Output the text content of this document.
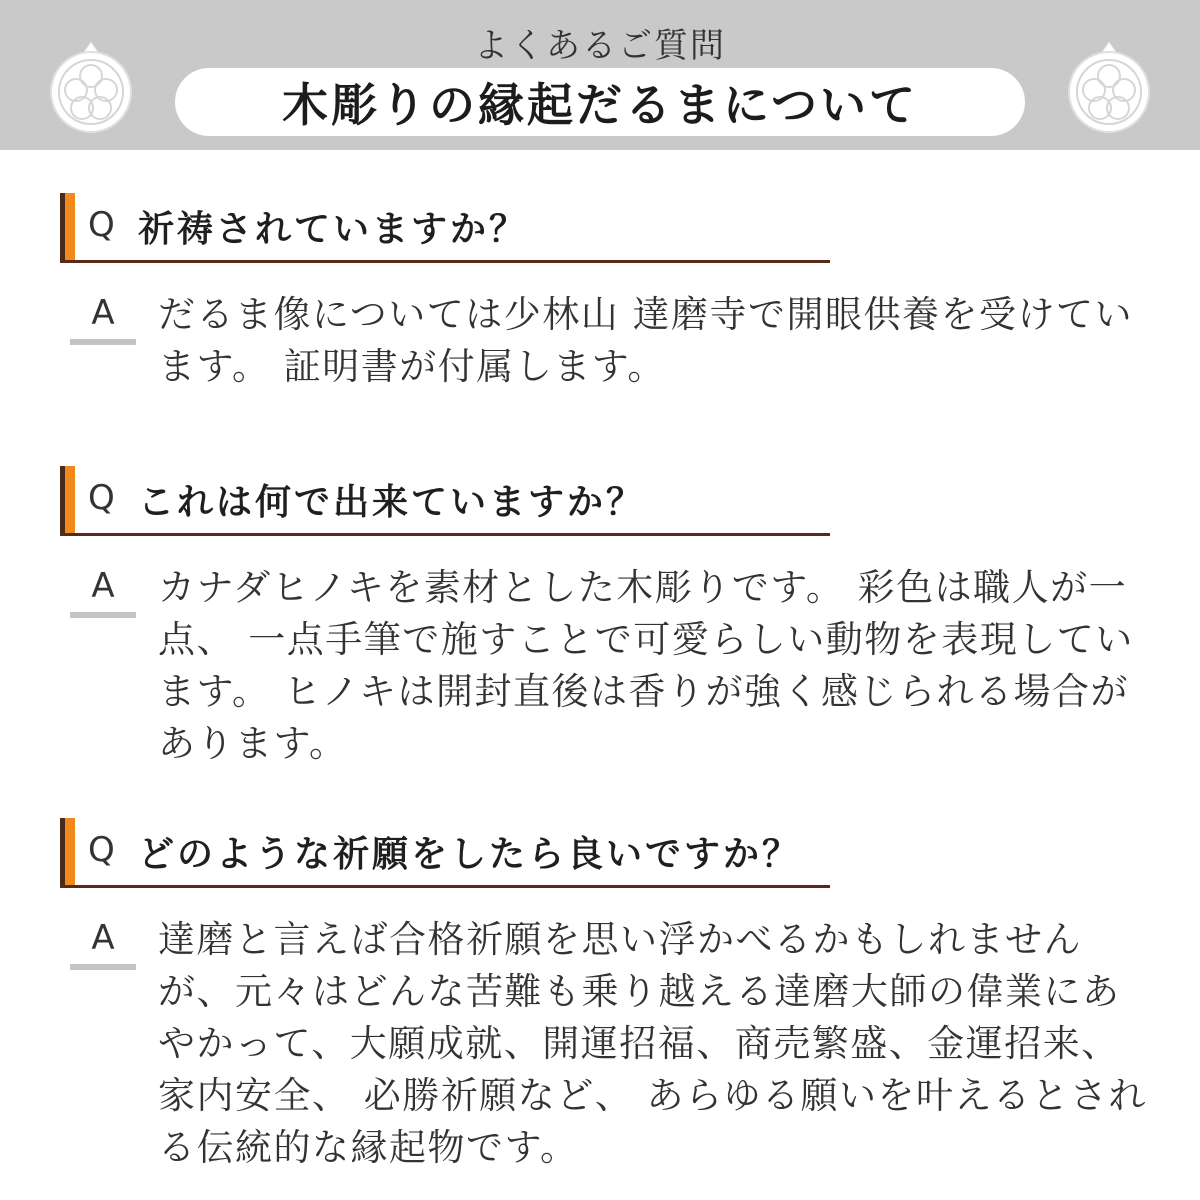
よくあるご質問
木彫りの縁起だるまについて
Q 祈祷されていますか？
A	だるま像については少林山 達磨寺で開眼供養を受けています。 証明書が付属します。
Q これは何で出来ていますか？
A	カナダヒノキを素材とした木彫りです。 彩色は職人が一点、 一点手筆で施すことで可愛らしい動物を表現しています。 ヒノキは開封直後は香りが強く感じられる場合があります。
Q どのような祈願をしたら良いですか？
A	達磨と言えば合格祈願を思い浮かべるかもしれませんが、元々はどんな苦難も乗り越える達磨大師の偉業にあやかって、大願成就、開運招福、商売繁盛、金運招来、家内安全、 必勝祈願など、 あらゆる願いを叶えるとされる伝統的な縁起物です。
